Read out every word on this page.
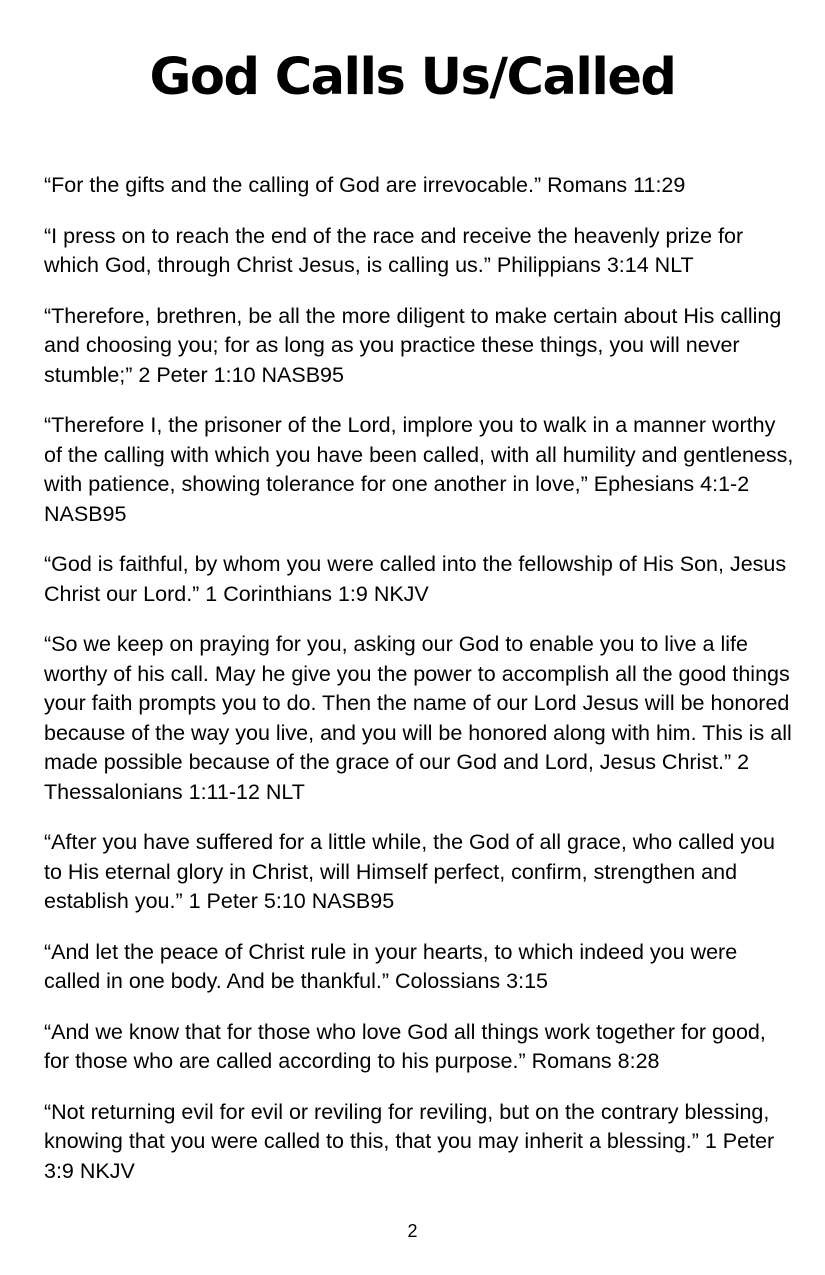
God Calls Us/Called

“For the gifts and the calling of God are irrevocable.” Romans 11:29

“I press on to reach the end of the race and receive the heavenly prize for which God, through Christ Jesus, is calling us.” Philippians 3:14 NLT

“Therefore, brethren, be all the more diligent to make certain about His calling and choosing you; for as long as you practice these things, you will never stumble;” 2 Peter 1:10 NASB95

“Therefore I, the prisoner of the Lord, implore you to walk in a manner worthy of the calling with which you have been called, with all humility and gentleness, with patience, showing tolerance for one another in love,” Ephesians 4:1-2 NASB95

“God is faithful, by whom you were called into the fellowship of His Son, Jesus Christ our Lord.” 1 Corinthians 1:9 NKJV

“So we keep on praying for you, asking our God to enable you to live a life worthy of his call. May he give you the power to accomplish all the good things your faith prompts you to do. Then the name of our Lord Jesus will be honored because of the way you live, and you will be honored along with him. This is all made possible because of the grace of our God and Lord, Jesus Christ.” 2 Thessalonians 1:11-12 NLT

“After you have suffered for a little while, the God of all grace, who called you to His eternal glory in Christ, will Himself perfect, confirm, strengthen and establish you.” 1 Peter 5:10 NASB95

“And let the peace of Christ rule in your hearts, to which indeed you were called in one body. And be thankful.” Colossians 3:15

“And we know that for those who love God all things work together for good, for those who are called according to his purpose.” Romans 8:28

“Not returning evil for evil or reviling for reviling, but on the contrary blessing, knowing that you were called to this, that you may inherit a blessing.” 1 Peter 3:9 NKJV

2
